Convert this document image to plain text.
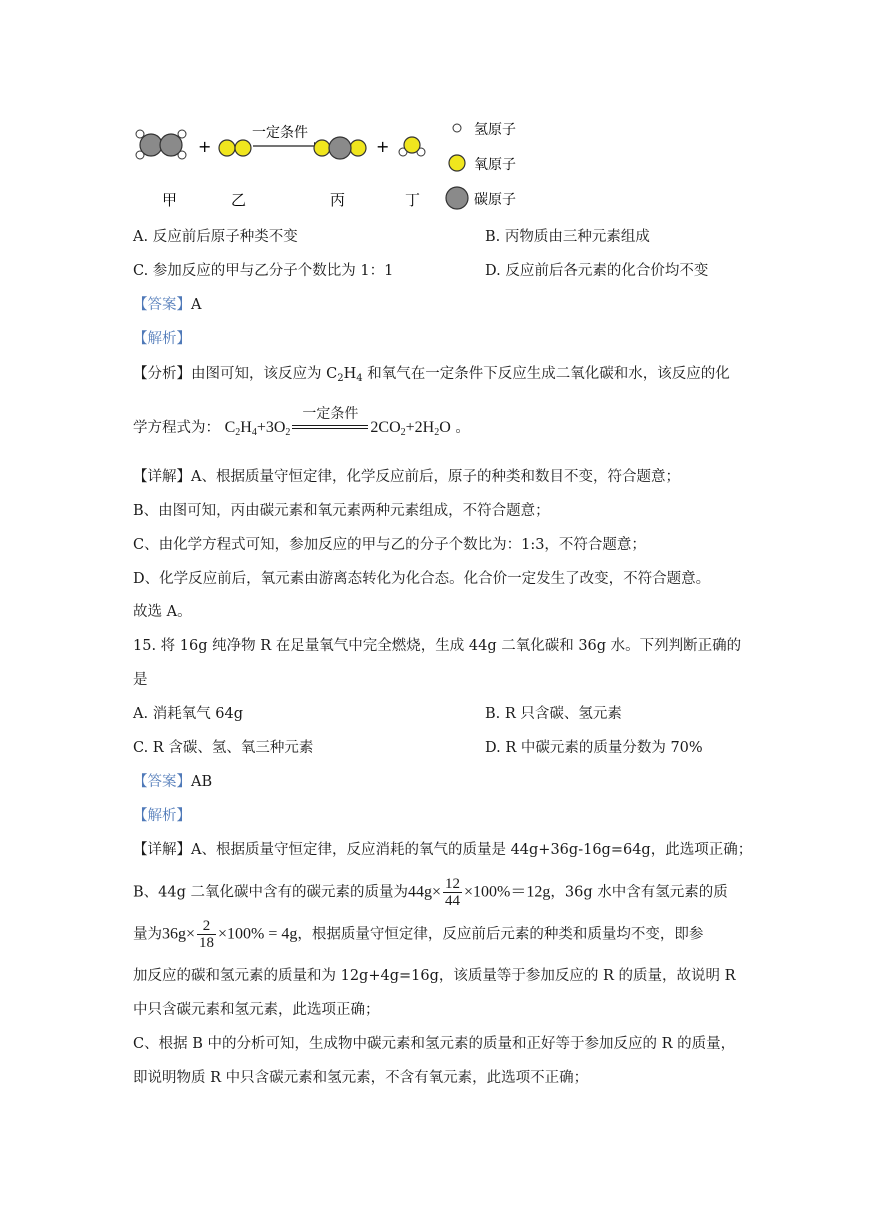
+
一定条件
+
氢原子
氧原子
碳原子
甲	乙	丙	丁
A. 反应前后原子种类不变	B. 丙物质由三种元素组成
C. 参加反应的甲与乙分子个数比为 1：1	D. 反应前后各元素的化合价均不变
【答案】A
【解析】
【分析】由图可知，该反应为 $C_2H_4$ 和氧气在一定条件下反应生成二氧化碳和水，该反应的化
学方程式为： $C_2H_4+3O_2$
一定条件
$2CO_2+2H_2O$ 。
【详解】A、根据质量守恒定律，化学反应前后，原子的种类和数目不变，符合题意；
B、由图可知，丙由碳元素和氧元素两种元素组成，不符合题意；
C、由化学方程式可知，参加反应的甲与乙的分子个数比为：1:3，不符合题意；
D、化学反应前后，氧元素由游离态转化为化合态。化合价一定发生了改变，不符合题意。
故选 A。
15. 将 16g 纯净物 R 在足量氧气中完全燃烧，生成 44g 二氧化碳和 36g 水。下列判断正确的
是
A. 消耗氧气 64g	B. R 只含碳、氢元素
C. R 含碳、氢、氧三种元素	D. R 中碳元素的质量分数为 70%
【答案】AB
【解析】
【详解】A、根据质量守恒定律，反应消耗的氧气的质量是 44g+36g-16g=64g，此选项正确；
B、44g 二氧化碳中含有的碳元素的质量为$44g\times \frac{12}{44} \times 100\%=12g$，36g 水中含有氢元素的质
量为$36g\times \frac{2}{18} \times 100\% = 4g$，根据质量守恒定律，反应前后元素的种类和质量均不变，即参
加反应的碳和氢元素的质量和为 12g+4g=16g，该质量等于参加反应的 R 的质量，故说明 R
中只含碳元素和氢元素，此选项正确；
C、根据 B 中的分析可知，生成物中碳元素和氢元素的质量和正好等于参加反应的 R 的质量，
即说明物质 R 中只含碳元素和氢元素，不含有氧元素，此选项不正确；
